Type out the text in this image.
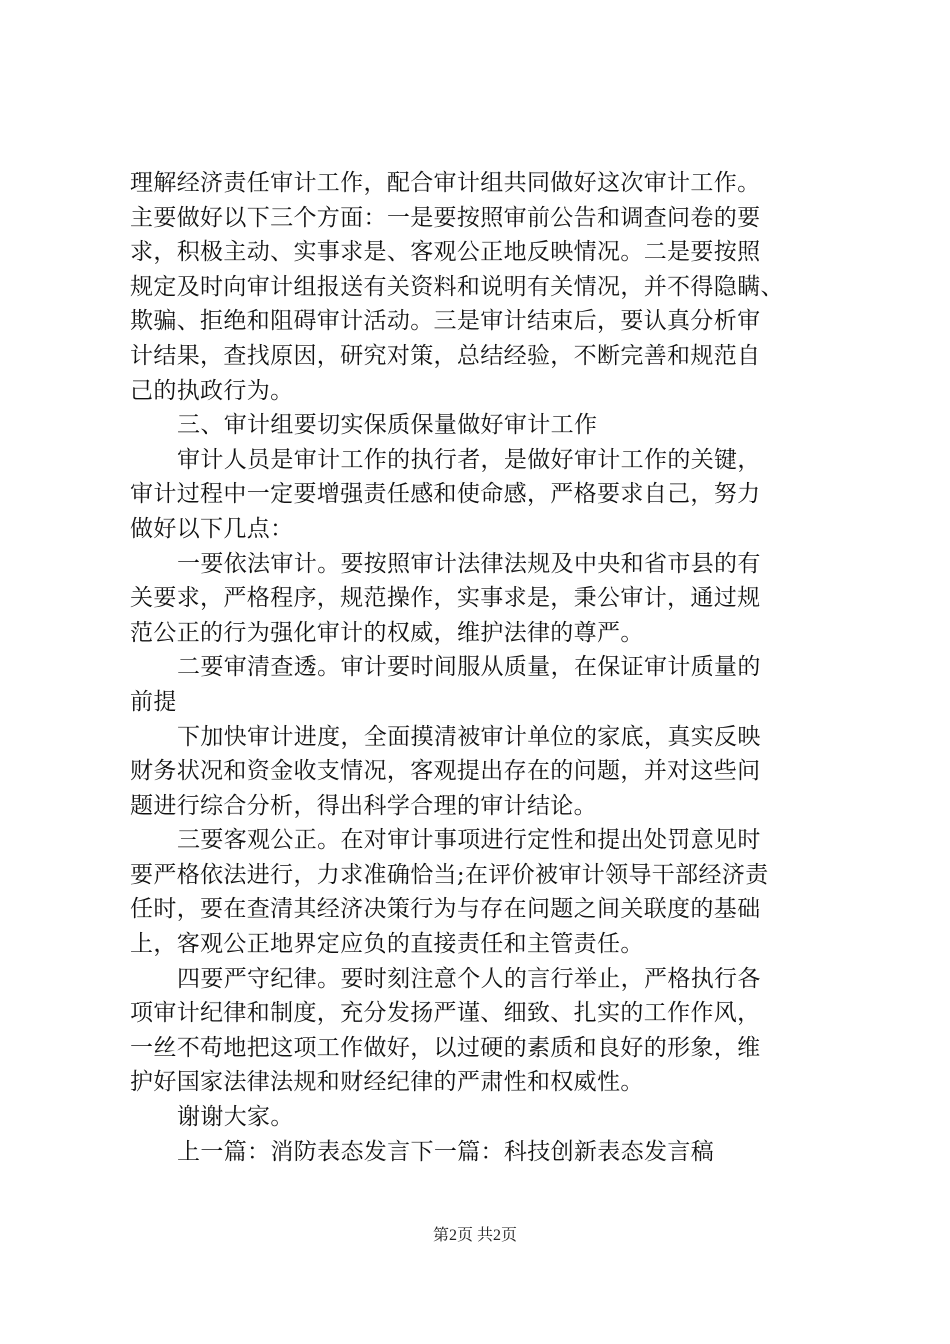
理解经济责任审计工作，配合审计组共同做好这次审计工作。
主要做好以下三个方面：一是要按照审前公告和调查问卷的要
求，积极主动、实事求是、客观公正地反映情况。二是要按照
规定及时向审计组报送有关资料和说明有关情况，并不得隐瞒、
欺骗、拒绝和阻碍审计活动。三是审计结束后，要认真分析审
计结果，查找原因，研究对策，总结经验，不断完善和规范自
己的执政行为。
三、审计组要切实保质保量做好审计工作
审计人员是审计工作的执行者，是做好审计工作的关键，
审计过程中一定要增强责任感和使命感，严格要求自己，努力
做好以下几点：
一要依法审计。要按照审计法律法规及中央和省市县的有
关要求，严格程序，规范操作，实事求是，秉公审计，通过规
范公正的行为强化审计的权威，维护法律的尊严。
二要审清查透。审计要时间服从质量，在保证审计质量的
前提
下加快审计进度，全面摸清被审计单位的家底，真实反映
财务状况和资金收支情况，客观提出存在的问题，并对这些问
题进行综合分析，得出科学合理的审计结论。
三要客观公正。在对审计事项进行定性和提出处罚意见时
要严格依法进行，力求准确恰当;在评价被审计领导干部经济责
任时，要在查清其经济决策行为与存在问题之间关联度的基础
上，客观公正地界定应负的直接责任和主管责任。
四要严守纪律。要时刻注意个人的言行举止，严格执行各
项审计纪律和制度，充分发扬严谨、细致、扎实的工作作风，
一丝不苟地把这项工作做好，以过硬的素质和良好的形象，维
护好国家法律法规和财经纪律的严肃性和权威性。
谢谢大家。
上一篇：消防表态发言下一篇：科技创新表态发言稿
第2页 共2页
